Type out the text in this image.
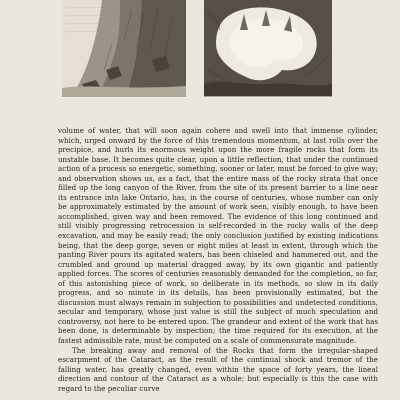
volume of water, that will soon again cohere and swell into that immense cylinder, which, urged onward by the force of this tremendous momentum, at last rolls over the precipice, and hurls its enormous weight upon the more fragile rocks that form its unstable base. It becomes quite clear, upon a little reflection, that under the continued action of a process so energetic, something, sooner or later, must be forced to give way; and observation shows us, as a fact, that the entire mass of the rocky strata that once filled up the long canyon of the River, from the site of its present barrier to a line near its entrance into lake Ontario, has, in the course of centuries, whose number can only be approximately estimated by the amount of work seen, visibly enough, to have been accomplished, given way and been removed. The evidence of this long continued and still visibly progressing retrocession is self-recorded in the rocky walls of the deep excavation, and may be easily read; the only conclusion justified by existing indications being, that the deep gorge, seven or eight miles at least in extent, through which the panting River pours its agitated waters, has been chiseled and hammered out, and the crumbled and ground up material dragged away, by its own gigantic and patiently applied forces. The scores of centuries reasonably demanded for the completion, so far, of this astonishing piece of work, so deliberate in its methods, so slow in its daily progress, and so minute in its details, has been provisionally estimated, but the discussion must always remain in subjection to possibilities and undetected conditions, secular and temporary, whose just value is still the subject of much speculation and controversy, not here to be entered upon. The grandeur and extent of the work that has been done, is determinable by inspection; the time required for its execution, at the fastest admissible rate, must be computed on a scale of commensurate magnitude.

The breaking away and removal of the Rocks that form the irregular-shaped escarpment of the Cataract, as the result of the continual shock and tremor of the falling water, has greatly changed, even within the space of forty years, the lineal direction and contour of the Cataract as a whole; but especially is this the case with regard to the peculiar curve
